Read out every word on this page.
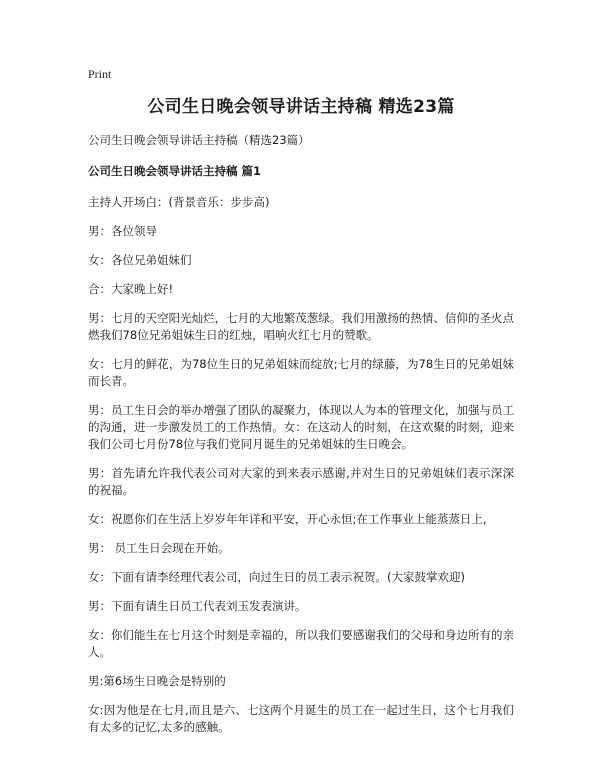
Print
公司生日晚会领导讲话主持稿 精选23篇
公司生日晚会领导讲话主持稿（精选23篇）
公司生日晚会领导讲话主持稿 篇1
主持人开场白：(背景音乐：步步高)
男：各位领导
女：各位兄弟姐妹们
合：大家晚上好!
男：七月的天空阳光灿烂，七月的大地繁茂葱绿。我们用激扬的热情、信仰的圣火点燃我们78位兄弟姐妹生日的红烛，唱响火红七月的赞歌。
女：七月的鲜花，为78位生日的兄弟姐妹而绽放;七月的绿藤，为78生日的兄弟姐妹而长青。
男：员工生日会的举办增强了团队的凝聚力，体现以人为本的管理文化，加强与员工的沟通，进一步激发员工的工作热情。女：在这动人的时刻，在这欢聚的时刻，迎来我们公司七月份78位与我们党同月诞生的兄弟姐妹的生日晚会。
男：首先请允许我代表公司对大家的到来表示感谢,并对生日的兄弟姐妹们表示深深的祝福。
女：祝愿你们在生活上岁岁年年详和平安，开心永恒;在工作事业上能蒸蒸日上,
男： 员工生日会现在开始。
女：下面有请李经理代表公司，向过生日的员工表示祝贺。(大家鼓掌欢迎)
男：下面有请生日员工代表刘玉发表演讲。
女：你们能生在七月这个时刻是幸福的，所以我们要感谢我们的父母和身边所有的亲人。
男:第6场生日晚会是特别的
女:因为他是在七月,而且是六、七这两个月诞生的员工在一起过生日，这个七月我们有太多的记忆,太多的感触。
